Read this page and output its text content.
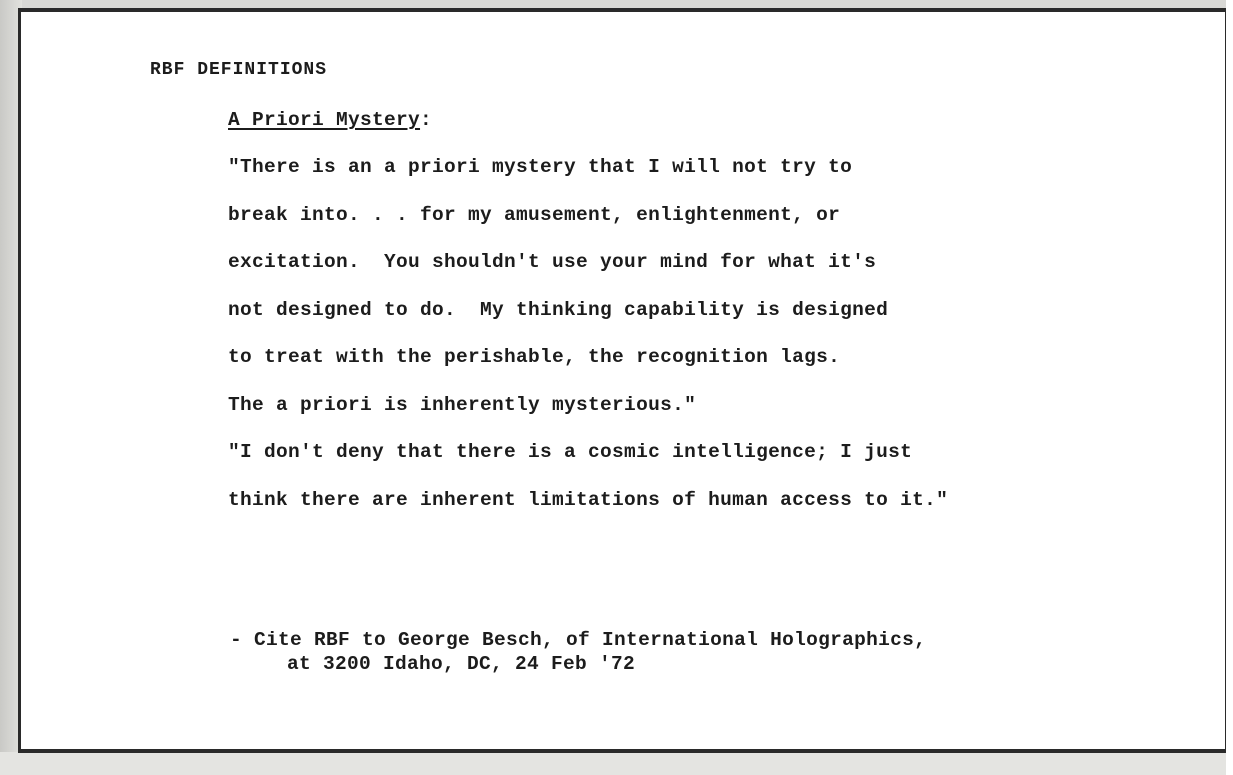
RBF DEFINITIONS
A Priori Mystery:
"There is an a priori mystery that I will not try to
break into. . . for my amusement, enlightenment, or
excitation.  You shouldn't use your mind for what it's
not designed to do.  My thinking capability is designed
to treat with the perishable, the recognition lags.
The a priori is inherently mysterious."
"I don't deny that there is a cosmic intelligence; I just
think there are inherent limitations of human access to it."
- Cite RBF to George Besch, of International Holographics,
at 3200 Idaho, DC, 24 Feb '72
